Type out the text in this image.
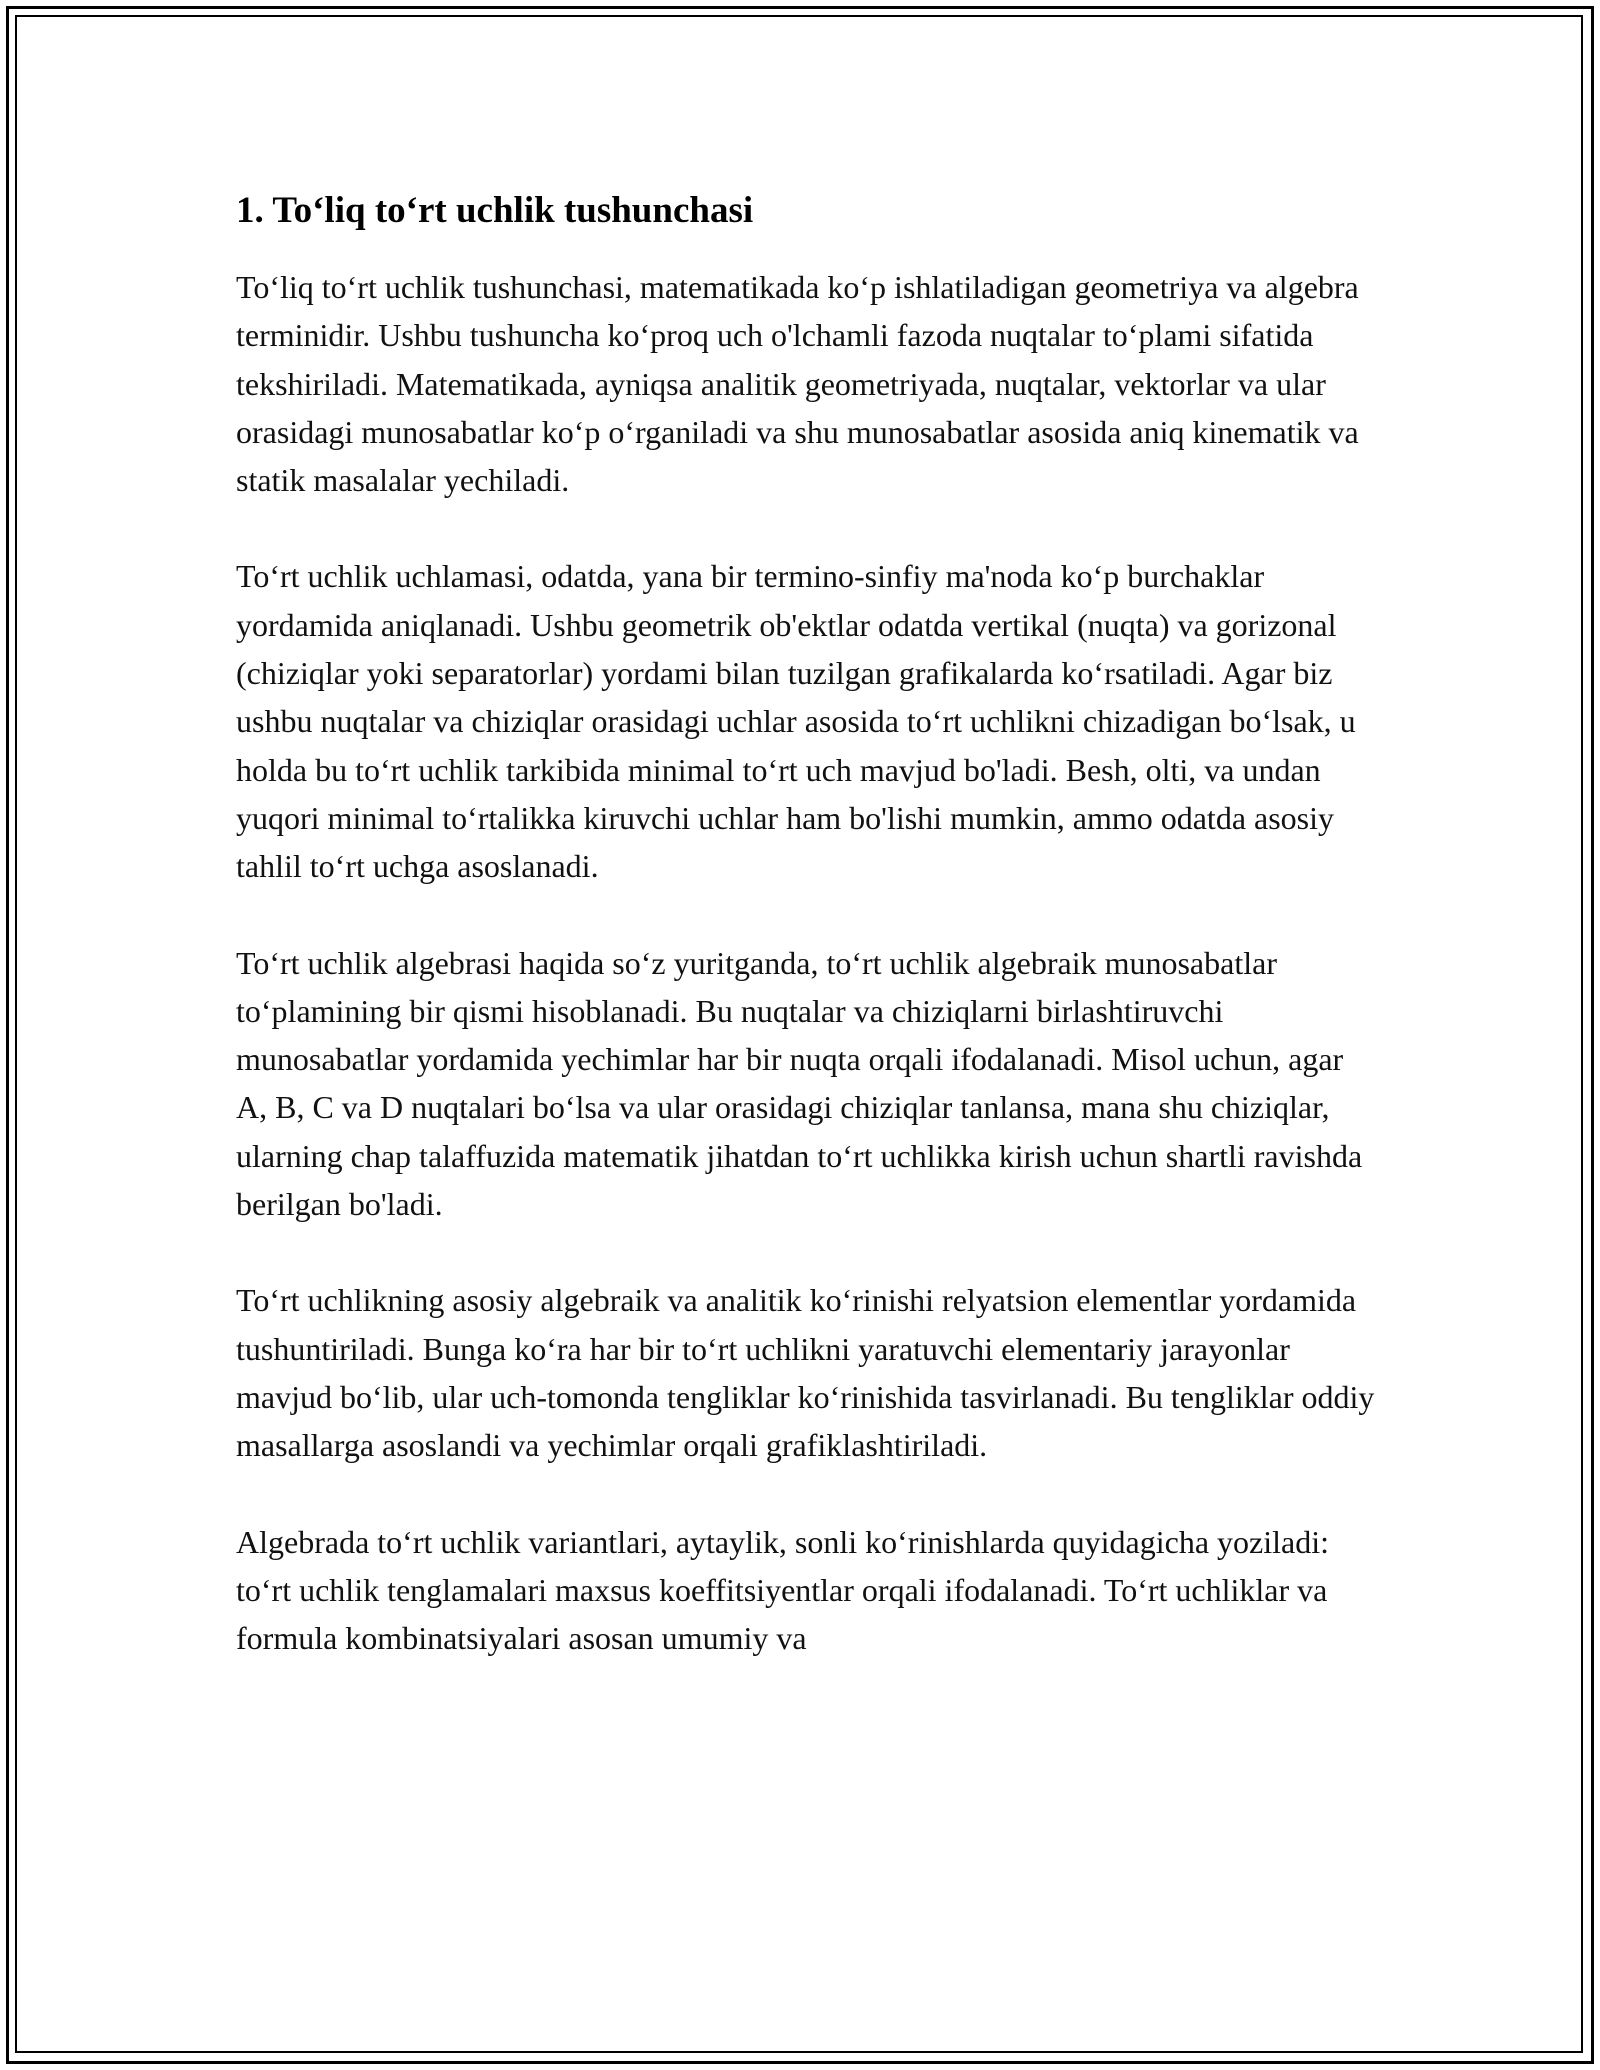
1. To‘liq to‘rt uchlik tushunchasi

To‘liq to‘rt uchlik tushunchasi, matematikada ko‘p ishlatiladigan geometriya va algebra terminidir. Ushbu tushuncha ko‘proq uch o'lchamli fazoda nuqtalar to‘plami sifatida tekshiriladi. Matematikada, ayniqsa analitik geometriyada, nuqtalar, vektorlar va ular orasidagi munosabatlar ko‘p o‘rganiladi va shu munosabatlar asosida aniq kinematik va statik masalalar yechiladi.

To‘rt uchlik uchlamasi, odatda, yana bir termino-sinfiy ma'noda ko‘p burchaklar yordamida aniqlanadi. Ushbu geometrik ob'ektlar odatda vertikal (nuqta) va gorizonal (chiziqlar yoki separatorlar) yordami bilan tuzilgan grafikalarda ko‘rsatiladi. Agar biz ushbu nuqtalar va chiziqlar orasidagi uchlar asosida to‘rt uchlikni chizadigan bo‘lsak, u holda bu to‘rt uchlik tarkibida minimal to‘rt uch mavjud bo'ladi. Besh, olti, va undan yuqori minimal to‘rtalikka kiruvchi uchlar ham bo'lishi mumkin, ammo odatda asosiy tahlil to‘rt uchga asoslanadi.

To‘rt uchlik algebrasi haqida so‘z yuritganda, to‘rt uchlik algebraik munosabatlar to‘plamining bir qismi hisoblanadi. Bu nuqtalar va chiziqlarni birlashtiruvchi munosabatlar yordamida yechimlar har bir nuqta orqali ifodalanadi. Misol uchun, agar A, B, C va D nuqtalari bo‘lsa va ular orasidagi chiziqlar tanlansa, mana shu chiziqlar, ularning chap talaffuzida matematik jihatdan to‘rt uchlikka kirish uchun shartli ravishda berilgan bo'ladi.

To‘rt uchlikning asosiy algebraik va analitik ko‘rinishi relyatsion elementlar yordamida tushuntiriladi. Bunga ko‘ra har bir to‘rt uchlikni yaratuvchi elementariy jarayonlar mavjud bo‘lib, ular uch-tomonda tengliklar ko‘rinishida tasvirlanadi. Bu tengliklar oddiy masallarga asoslandi va yechimlar orqali grafiklashtiriladi.

Algebrada to‘rt uchlik variantlari, aytaylik, sonli ko‘rinishlarda quyidagicha yoziladi: to‘rt uchlik tenglamalari maxsus koeffitsiyentlar orqali ifodalanadi. To‘rt uchliklar va formula kombinatsiyalari asosan umumiy va
